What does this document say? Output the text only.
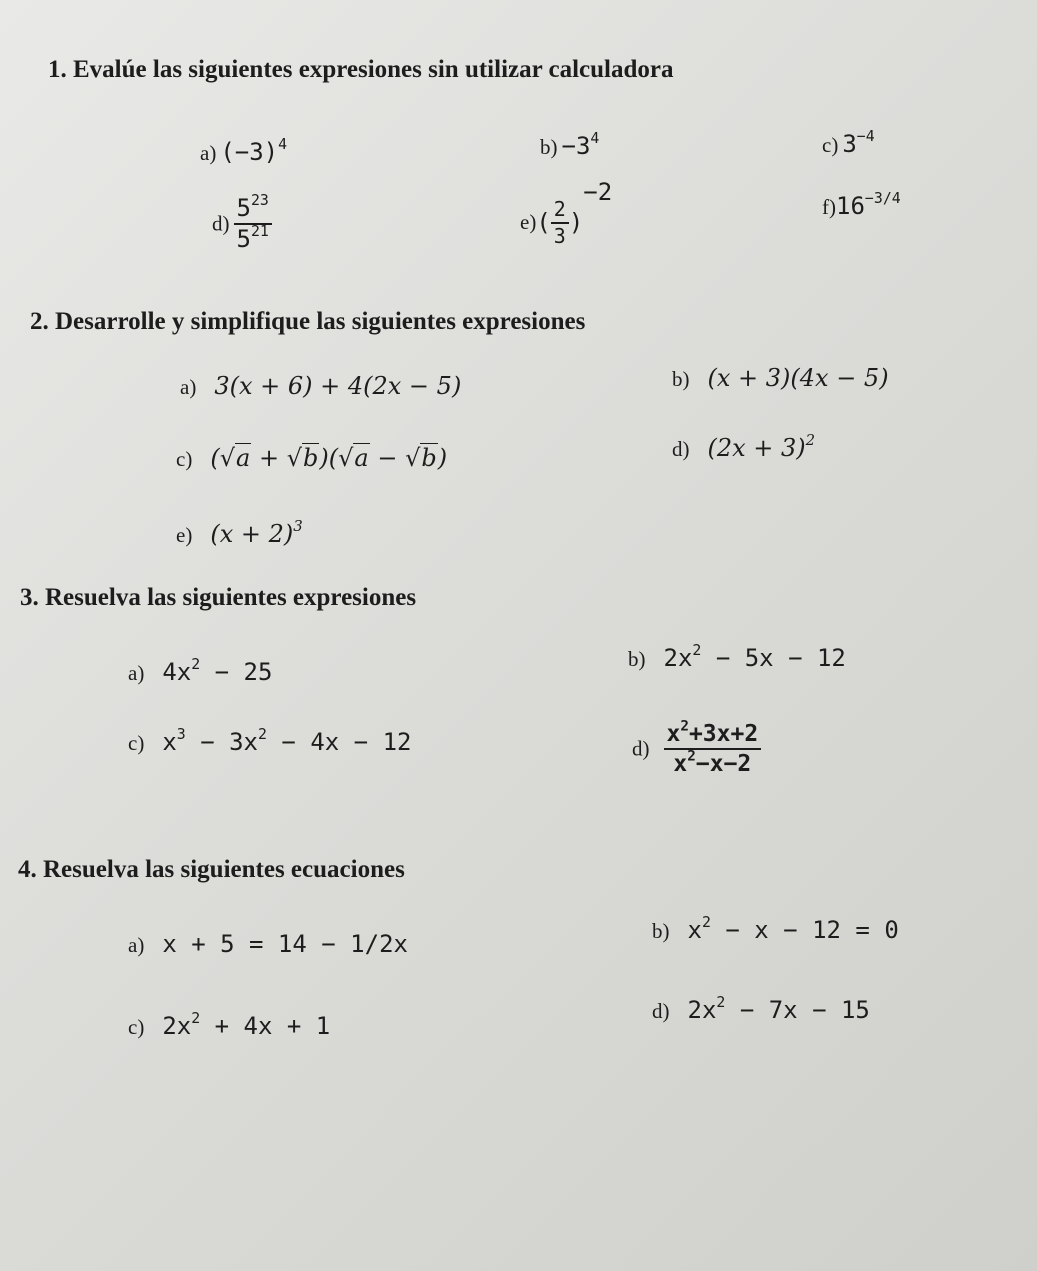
1. Evalúe las siguientes expresiones sin utilizar calculadora
a) $(-3)^4$	$b) -3^4$	c) $3^{-4}$
$d) \frac{5^{23}}{5^{21}}$	$e)( \frac{2}{3} )^{-2}$
$f)16^{-3/4}$
2. Desarrolle y simplifique las siguientes expresiones
a) 3(x + 6) + 4(2x − 5)	b) (x + 3)(4x − 5)
c) (√a + √b)(√a − √b)	d) $(2x + 3)^2$
e) $(x + 2)^3$
3. Resuelva las siguientes expresiones
a) $4x^2 - 25$	b) $2x^2 - 5x - 12$
c) $x^3 - 3x^2 - 4x - 12$	$d) \frac{x^2+3x+2}{x^2-x-2}$
4. Resuelva las siguientes ecuaciones
a) x + 5 = 14 − 1/2x	b) $x^2 - x - 12 = 0$
c) $2x^2 + 4x + 1$
d) $2x^2 - 7x - 15$
